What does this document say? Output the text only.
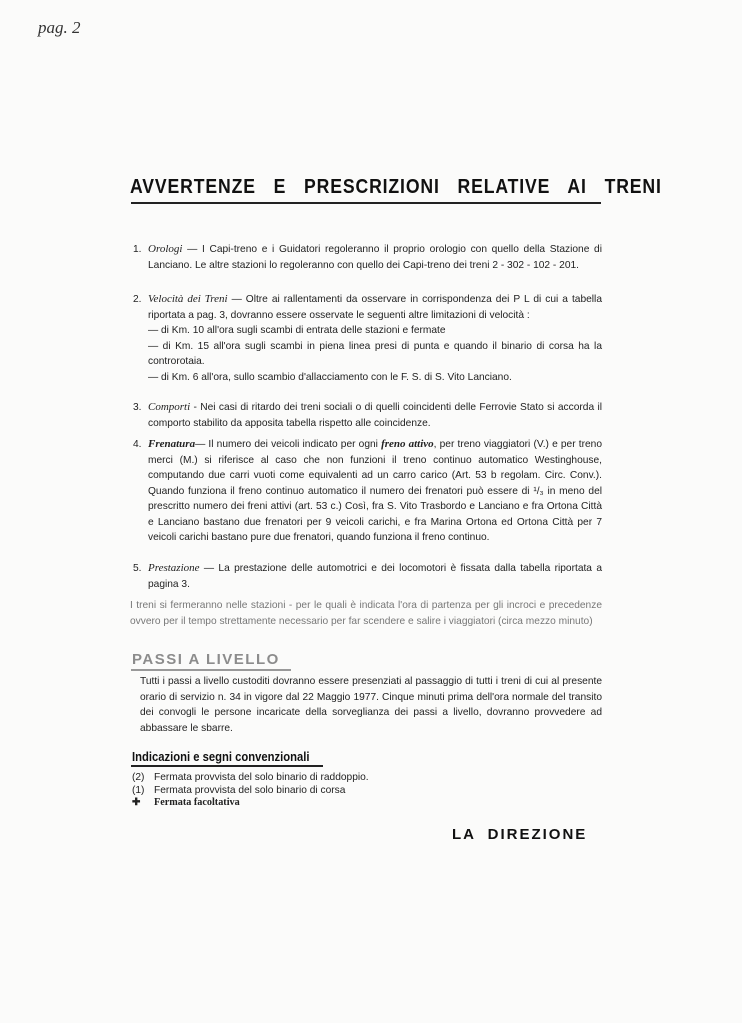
pag. 2
AVVERTENZE E PRESCRIZIONI RELATIVE AI TRENI
1. Orologi — I Capi-treno e i Guidatori regoleranno il proprio orologio con quello della Stazione di Lanciano. Le altre stazioni lo regoleranno con quello dei Capi-treno dei treni 2 - 302 - 102 - 201.
2. Velocità dei Treni — Oltre ai rallentamenti da osservare in corrispondenza dei P L di cui a tabella riportata a pag. 3, dovranno essere osservate le seguenti altre limitazioni di velocità :
— di Km. 10 all'ora sugli scambi di entrata delle stazioni e fermate
— di Km. 15 all'ora sugli scambi in piena linea presi di punta e quando il binario di corsa ha la controrotaia.
— di Km. 6 all'ora, sullo scambio d'allacciamento con le F. S. di S. Vito Lanciano.
3. Comporti - Nei casi di ritardo dei treni sociali o di quelli coincidenti delle Ferrovie Stato si accorda il comporto stabilito da apposita tabella rispetto alle coincidenze.
4. Frenatura— Il numero dei veicoli indicato per ogni freno attivo, per treno viaggiatori (V.) e per treno merci (M.) si riferisce al caso che non funzioni il treno continuo automatico Westinghouse, computando due carri vuoti come equivalenti ad un carro carico (Art. 53 b regolam. Circ. Conv.). Quando funziona il freno continuo automatico il numero dei frenatori può essere di ¹/₃ in meno del prescritto numero dei freni attivi (art. 53 c.) Così, fra S. Vito Trasbordo e Lanciano e fra Ortona Città e Lanciano bastano due frenatori per 9 veicoli carichi, e fra Marina Ortona ed Ortona Città per 7 veicoli carichi bastano pure due frenatori, quando funziona il freno continuo.
5. Prestazione — La prestazione delle automotrici e dei locomotori è fissata dalla tabella riportata a pagina 3.
I treni si fermeranno nelle stazioni - per le quali è indicata l'ora di partenza per gli incroci e precedenze ovvero per il tempo strettamente necessario per far scendere e salire i viaggiatori (circa mezzo minuto)
PASSI A LIVELLO
Tutti i passi a livello custoditi dovranno essere presenziati al passaggio di tutti i treni di cui al presente orario di servizio n. 34 in vigore dal 22 Maggio 1977. Cinque minuti prima dell'ora normale del transito dei convogli le persone incaricate della sorveglianza dei passi a livello, dovranno provvedere ad abbassare le sbarre.
Indicazioni e segni convenzionali
(2) Fermata provvista del solo binario di raddoppio.
(1) Fermata provvista del solo binario di corsa
✚	Fermata facoltativa
LA DIREZIONE
